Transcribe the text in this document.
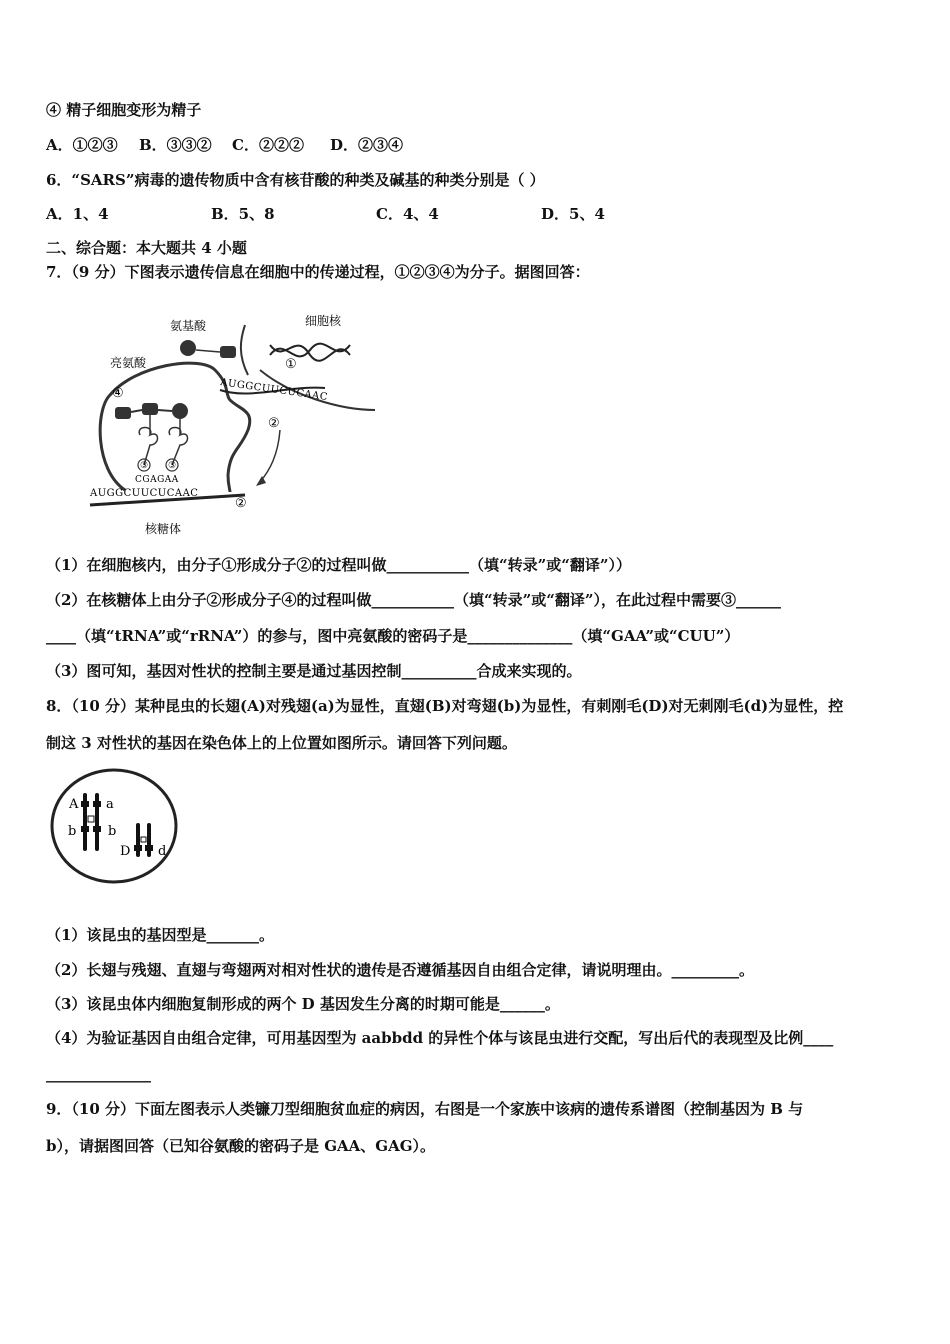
④ 精子细胞变形为精子
A．①②③ B．③③② C．②②② D．②③④
6．“SARS”病毒的遗传物质中含有核苷酸的种类及碱基的种类分别是（ ）
A．1、4	B．5、8	C．4、4	D．5、4
二、综合题：本大题共 4 小题
7．（9 分）下图表示遗传信息在细胞中的传递过程，①②③④为分子。据图回答：
③ ③
氨基酸	细胞核
亮氨酸
核糖体
①
②
②
④	AUGGCUUCUCAAC
AUGGCUUCUCAAC
CGAGAA
（1）在细胞核内，由分子①形成分子②的过程叫做___________（填“转录”或“翻译”））
（2）在核糖体上由分子②形成分子④的过程叫做___________（填“转录”或“翻译”），在此过程中需要③______
____（填“tRNA”或“rRNA”）的参与，图中亮氨酸的密码子是______________（填“GAA”或“CUU”）
（3）图可知，基因对性状的控制主要是通过基因控制__________合成来实现的。
8．（10 分）某种昆虫的长翅(A)对残翅(a)为显性，直翅(B)对弯翅(b)为显性，有刺刚毛(D)对无刺刚毛(d)为显性，控
制这 3 对性状的基因在染色体上的上位置如图所示。请回答下列问题。
A a
b b
D d
（1）该昆虫的基因型是_______。
（2）长翅与残翅、直翅与弯翅两对相对性状的遗传是否遵循基因自由组合定律，请说明理由。_________。
（3）该昆虫体内细胞复制形成的两个 D 基因发生分离的时期可能是______。
（4）为验证基因自由组合定律，可用基因型为 aabbdd 的异性个体与该昆虫进行交配，写出后代的表现型及比例____
______________
9．（10 分）下面左图表示人类镰刀型细胞贫血症的病因，右图是一个家族中该病的遗传系谱图（控制基因为 B 与
b），请据图回答（已知谷氨酸的密码子是 GAA、GAG）。
